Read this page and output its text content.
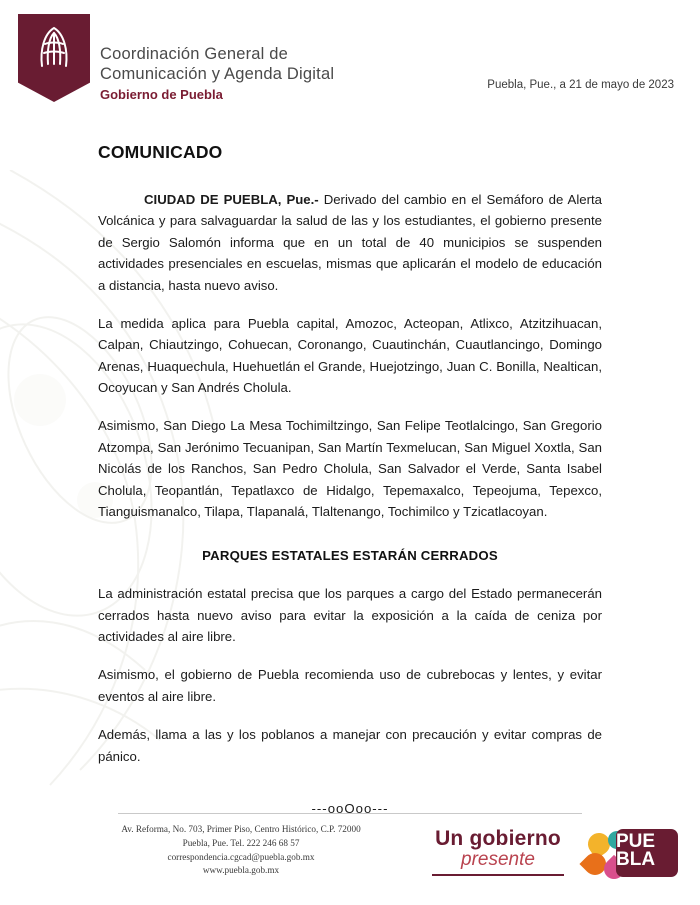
Coordinación General de
Comunicación y Agenda Digital
Gobierno de Puebla
Puebla, Pue., a 21 de mayo de 2023
COMUNICADO

CIUDAD DE PUEBLA, Pue.- Derivado del cambio en el Semáforo de Alerta Volcánica y para salvaguardar la salud de las y los estudiantes, el gobierno presente de Sergio Salomón informa que en un total de 40 municipios se suspenden actividades presenciales en escuelas, mismas que aplicarán el modelo de educación a distancia, hasta nuevo aviso.

La medida aplica para Puebla capital, Amozoc, Acteopan, Atlixco, Atzitzihuacan, Calpan, Chiautzingo, Cohuecan, Coronango, Cuautinchán, Cuautlancingo, Domingo Arenas, Huaquechula, Huehuetlán el Grande, Huejotzingo, Juan C. Bonilla, Nealtican, Ocoyucan y San Andrés Cholula.

Asimismo, San Diego La Mesa Tochimiltzingo, San Felipe Teotlalcingo, San Gregorio Atzompa, San Jerónimo Tecuanipan, San Martín Texmelucan, San Miguel Xoxtla, San Nicolás de los Ranchos, San Pedro Cholula, San Salvador el Verde, Santa Isabel Cholula, Teopantlán, Tepatlaxco de Hidalgo, Tepemaxalco, Tepeojuma, Tepexco, Tianguismanalco, Tilapa, Tlapanalá, Tlaltenango, Tochimilco y Tzicatlacoyan.

PARQUES ESTATALES ESTARÁN CERRADOS

La administración estatal precisa que los parques a cargo del Estado permanecerán cerrados hasta nuevo aviso para evitar la exposición a la caída de ceniza por actividades al aire libre.

Asimismo, el gobierno de Puebla recomienda uso de cubrebocas y lentes, y evitar eventos al aire libre.

Además, llama a las y los poblanos a manejar con precaución y evitar compras de pánico.

---ooOoo---
Av. Reforma, No. 703, Primer Piso, Centro Histórico, C.P. 72000
Puebla, Pue. Tel. 222 246 68 57
correspondencia.cgcad@puebla.gob.mx
www.puebla.gob.mx
Un gobierno
presente
PUE
BLA
